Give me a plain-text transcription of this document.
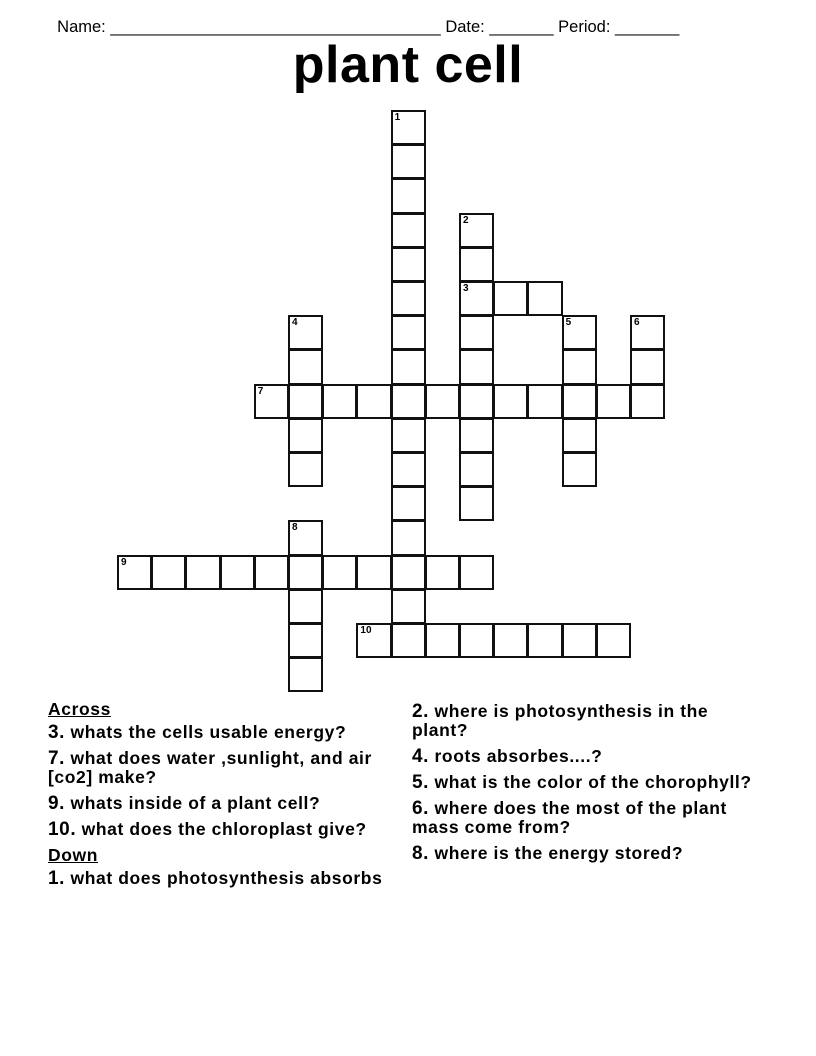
Name: ____________________________________ Date: _______ Period: _______

plant cell
1
2
3
4	5	6
7
8
9
10
Across
3. whats the cells usable energy?
7. what does water ,sunlight, and air [co2] make?
9. whats inside of a plant cell?
10. what does the chloroplast give?
Down
1. what does photosynthesis absorbs
2. where is photosynthesis in the plant?
4. roots absorbes....?
5. what is the color of the chorophyll?
6. where does the most of the plant mass come from?
8. where is the energy stored?
